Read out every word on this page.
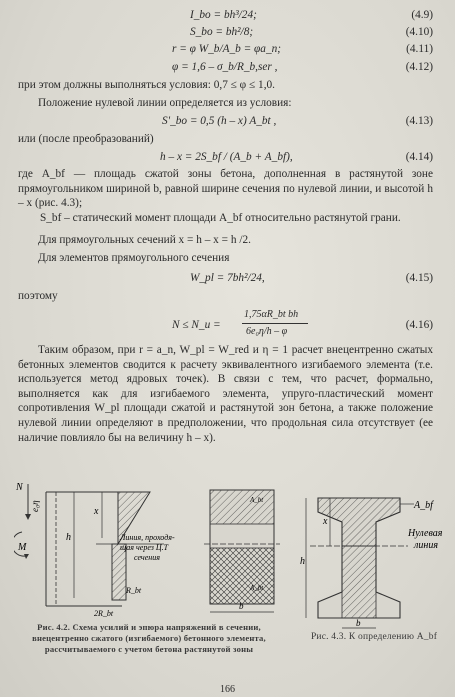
I_bo = bh³/24;	(4.9)
S_bo = bh²/8;	(4.10)
r = φ W_b/A_b = φa_n;	(4.11)
φ = 1,6 – σ_b/R_b,ser ,	(4.12)
при этом должны выполняться условия: 0,7 ≤ φ ≤ 1,0.
Положение нулевой линии определяется из условия:
S'_bo = 0,5 (h – x) A_bt ,	(4.13)
или (после преобразований)
h – x = 2S_bf / (A_b + A_bf),	(4.14)
где A_bf — площадь сжатой зоны бетона, дополненная в растянутой зоне прямоугольником шириной b, равной ширине сечения по нулевой линии, и высотой h – x (рис. 4.3);
S_bf – статический момент площади A_bf относительно растянутой грани.
Для прямоугольных сечений x = h – x = h /2.
Для элементов прямоугольного сечения
W_pl = 7bh²/24,	(4.15)
поэтому
N ≤ N_u =
1,75αR_bt bh
6e₀η/h – φ
(4.16)
Таким образом, при r = a_n, W_pl = W_red и η = 1 расчет внецентренно сжатых бетонных элементов сводится к расчету эквивалентного изгибаемого элемента (т.е. используется метод ядровых точек). В связи с тем, что расчет, формально, выполняется как для изгибаемого элемента, упруго-пластический момент сопротивления W_pl площади сжатой и растянутой зон бетона, а также положение нулевой линии определяют в предположении, что продольная сила отсутствует (ее наличие повлияло бы на величину h – x).
N
e₀η
M
h
x
R_bt
2R_bt
Линия, проходя-
щая через Ц.Т
сечения
A_bt
A_bt
b
Рис. 4.2. Схема усилий и эпюра напряжений в сечении, внецентренно сжатого (изгибаемого) бетонного элемента, рассчитываемого с учетом бетона растянутой зоны
h
x
A_bf
Нулевая
линия
b
Рис. 4.3. К определению A_bf
166
